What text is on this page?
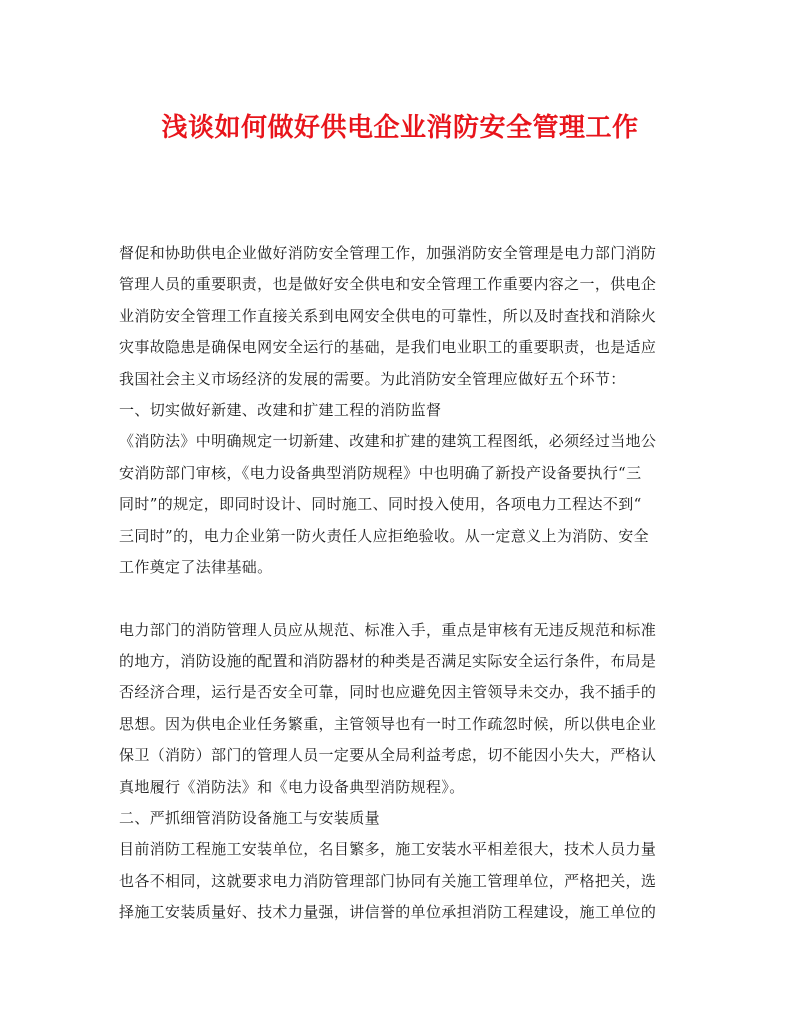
浅谈如何做好供电企业消防安全管理工作
督促和协助供电企业做好消防安全管理工作，加强消防安全管理是电力部门消防
管理人员的重要职责，也是做好安全供电和安全管理工作重要内容之一，供电企
业消防安全管理工作直接关系到电网安全供电的可靠性，所以及时查找和消除火
灾事故隐患是确保电网安全运行的基础，是我们电业职工的重要职责，也是适应
我国社会主义市场经济的发展的需要。为此消防安全管理应做好五个环节：
一、切实做好新建、改建和扩建工程的消防监督
《消防法》中明确规定一切新建、改建和扩建的建筑工程图纸，必须经过当地公
安消防部门审核，《电力设备典型消防规程》中也明确了新投产设备要执行“三
同时”的规定，即同时设计、同时施工、同时投入使用，各项电力工程达不到“
三同时”的，电力企业第一防火责任人应拒绝验收。从一定意义上为消防、安全
工作奠定了法律基础。
电力部门的消防管理人员应从规范、标准入手，重点是审核有无违反规范和标准
的地方，消防设施的配置和消防器材的种类是否满足实际安全运行条件，布局是
否经济合理，运行是否安全可靠，同时也应避免因主管领导未交办，我不插手的
思想。因为供电企业任务繁重，主管领导也有一时工作疏忽时候，所以供电企业
保卫（消防）部门的管理人员一定要从全局利益考虑，切不能因小失大，严格认
真地履行《消防法》和《电力设备典型消防规程》。
二、严抓细管消防设备施工与安装质量
目前消防工程施工安装单位，名目繁多，施工安装水平相差很大，技术人员力量
也各不相同，这就要求电力消防管理部门协同有关施工管理单位，严格把关，选
择施工安装质量好、技术力量强，讲信誉的单位承担消防工程建设，施工单位的
